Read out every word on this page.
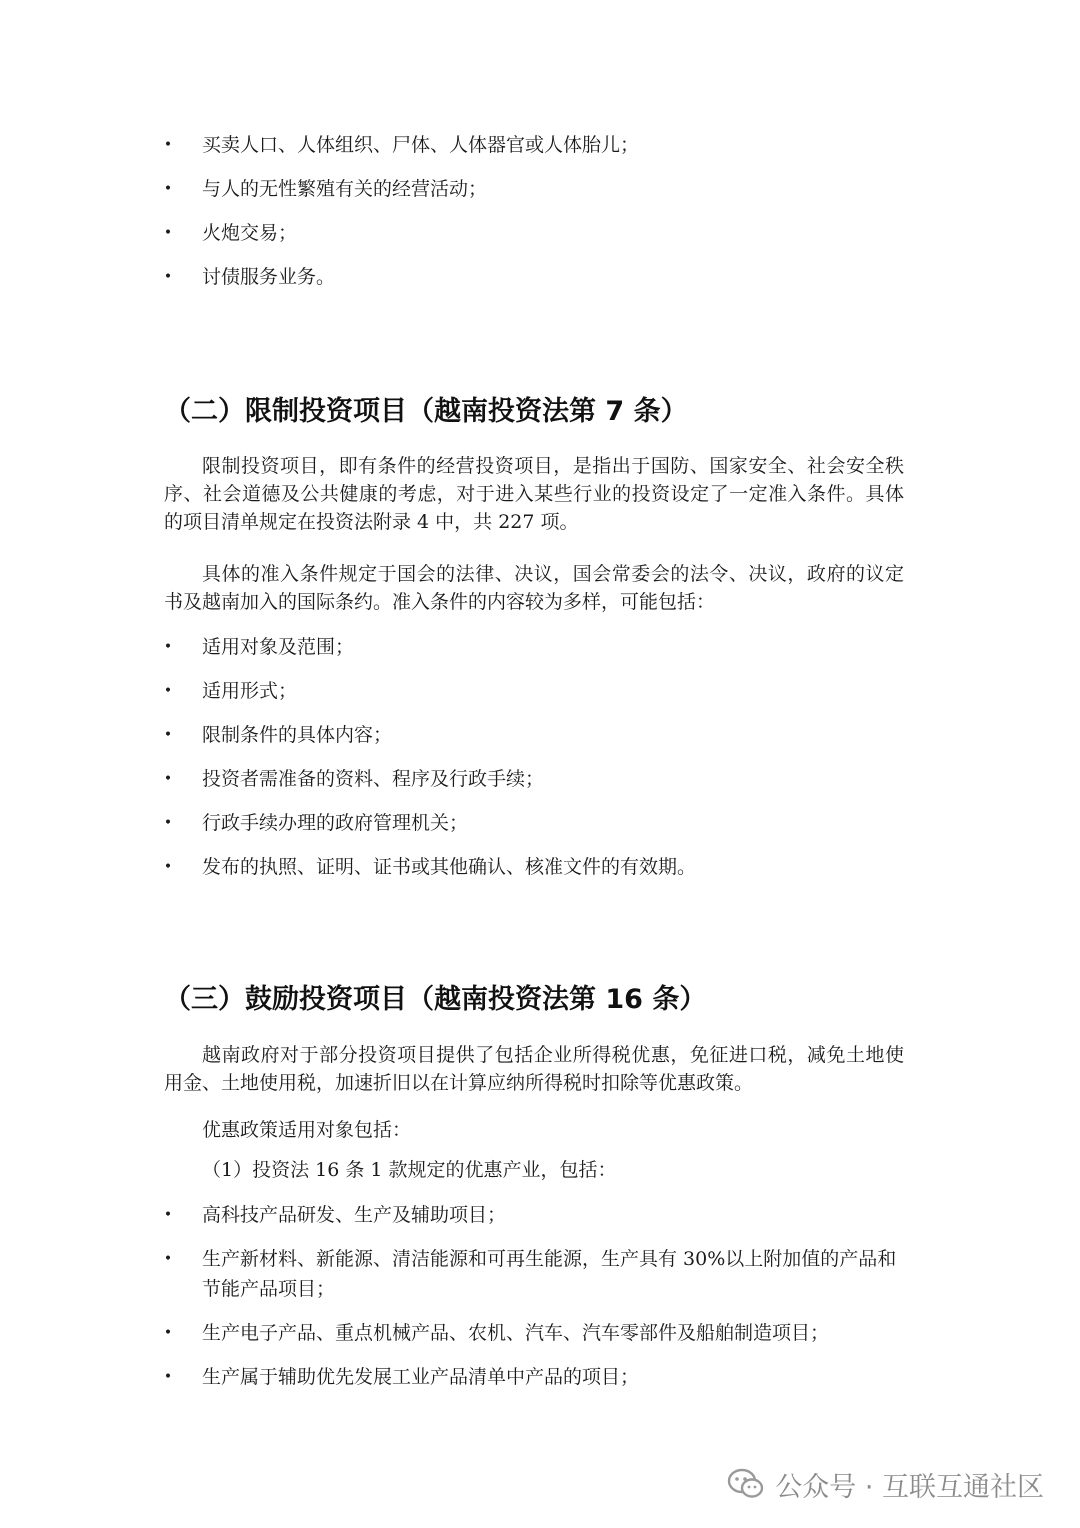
• 买卖人口、人体组织、尸体、人体器官或人体胎儿；
• 与人的无性繁殖有关的经营活动；
• 火炮交易；
• 讨债服务业务。
（二）限制投资项目（越南投资法第 7 条）

限制投资项目，即有条件的经营投资项目，是指出于国防、国家安全、社会安全秩序、社会道德及公共健康的考虑，对于进入某些行业的投资设定了一定准入条件。具体的项目清单规定在投资法附录 4 中，共 227 项。

具体的准入条件规定于国会的法律、决议，国会常委会的法令、决议，政府的议定书及越南加入的国际条约。准入条件的内容较为多样，可能包括：

• 适用对象及范围；
• 适用形式；
• 限制条件的具体内容；
• 投资者需准备的资料、程序及行政手续；
• 行政手续办理的政府管理机关；
• 发布的执照、证明、证书或其他确认、核准文件的有效期。
（三）鼓励投资项目（越南投资法第 16 条）

越南政府对于部分投资项目提供了包括企业所得税优惠，免征进口税，减免土地使用金、土地使用税，加速折旧以在计算应纳所得税时扣除等优惠政策。

优惠政策适用对象包括：

（1）投资法 16 条 1 款规定的优惠产业，包括：

• 高科技产品研发、生产及辅助项目；
• 生产新材料、新能源、清洁能源和可再生能源，生产具有 30%以上附加值的产品和节能产品项目；
• 生产电子产品、重点机械产品、农机、汽车、汽车零部件及船舶制造项目；
• 生产属于辅助优先发展工业产品清单中产品的项目；
公众号 · 互联互通社区
